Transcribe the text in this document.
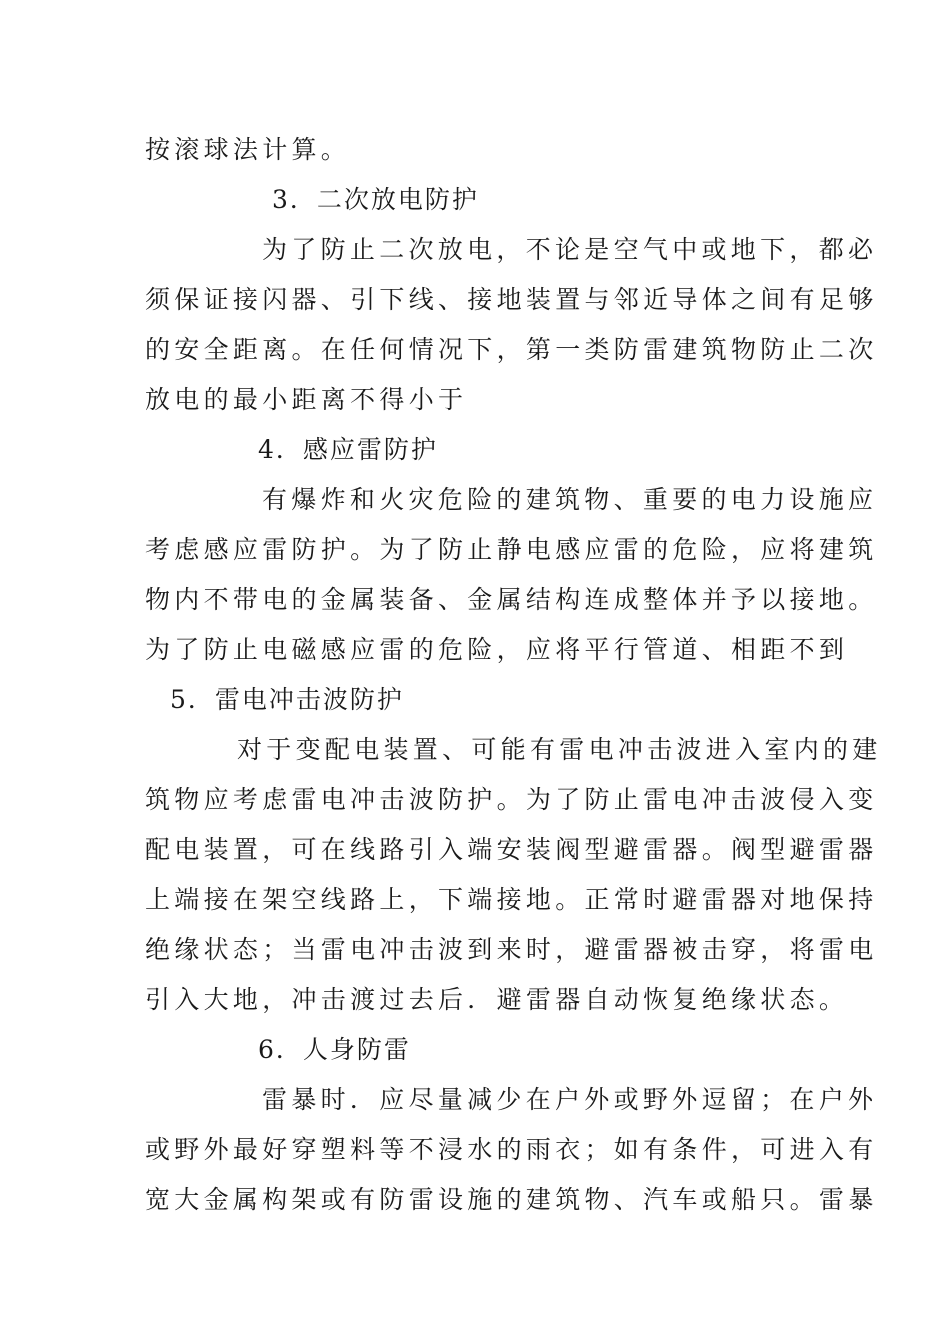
按滚球法计算。
3．二次放电防护
为了防止二次放电，不论是空气中或地下，都必
须保证接闪器、引下线、接地装置与邻近导体之间有足够
的安全距离。在任何情况下，第一类防雷建筑物防止二次
放电的最小距离不得小于
4．感应雷防护
有爆炸和火灾危险的建筑物、重要的电力设施应
考虑感应雷防护。为了防止静电感应雷的危险，应将建筑
物内不带电的金属装备、金属结构连成整体并予以接地。
为了防止电磁感应雷的危险，应将平行管道、相距不到
5．雷电冲击波防护
对于变配电装置、可能有雷电冲击波进入室内的建
筑物应考虑雷电冲击波防护。为了防止雷电冲击波侵入变
配电装置，可在线路引入端安装阀型避雷器。阀型避雷器
上端接在架空线路上，下端接地。正常时避雷器对地保持
绝缘状态；当雷电冲击波到来时，避雷器被击穿，将雷电
引入大地，冲击渡过去后．避雷器自动恢复绝缘状态。
6．人身防雷
雷暴时．应尽量减少在户外或野外逗留；在户外
或野外最好穿塑料等不浸水的雨衣；如有条件，可进入有
宽大金属构架或有防雷设施的建筑物、汽车或船只。雷暴
